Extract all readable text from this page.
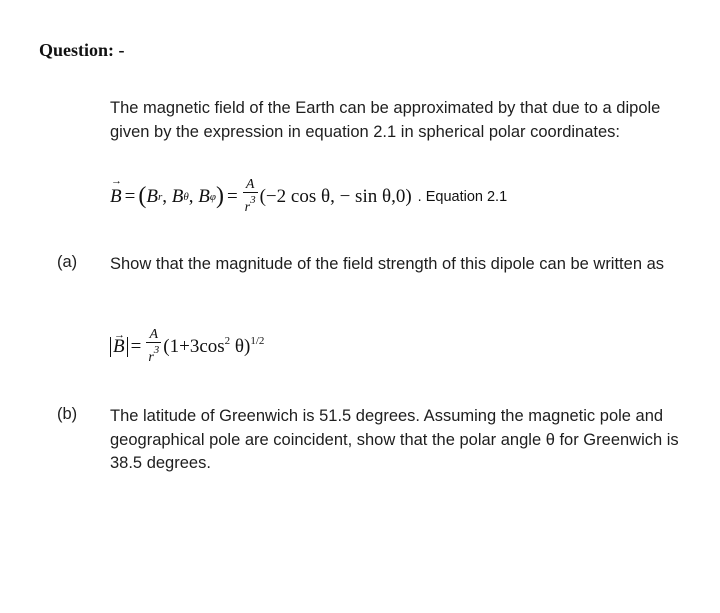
Question: -
The magnetic field of the Earth can be approximated by that due to a dipole given by the expression in equation 2.1 in spherical polar coordinates:
→ B = ( B r , B θ , B φ ) = $\frac{A}{r^3} (-2$ cos θ, − sin θ,0) . Equation 2.1
(a) Show that the magnitude of the field strength of this dipole can be written as
→ $B = \frac{A}{r^3} (1+3\cos^2$ θ)$^{1/2}$
(b) The latitude of Greenwich is 51.5 degrees. Assuming the magnetic pole and geographical pole are coincident, show that the polar angle θ for Greenwich is 38.5 degrees.
